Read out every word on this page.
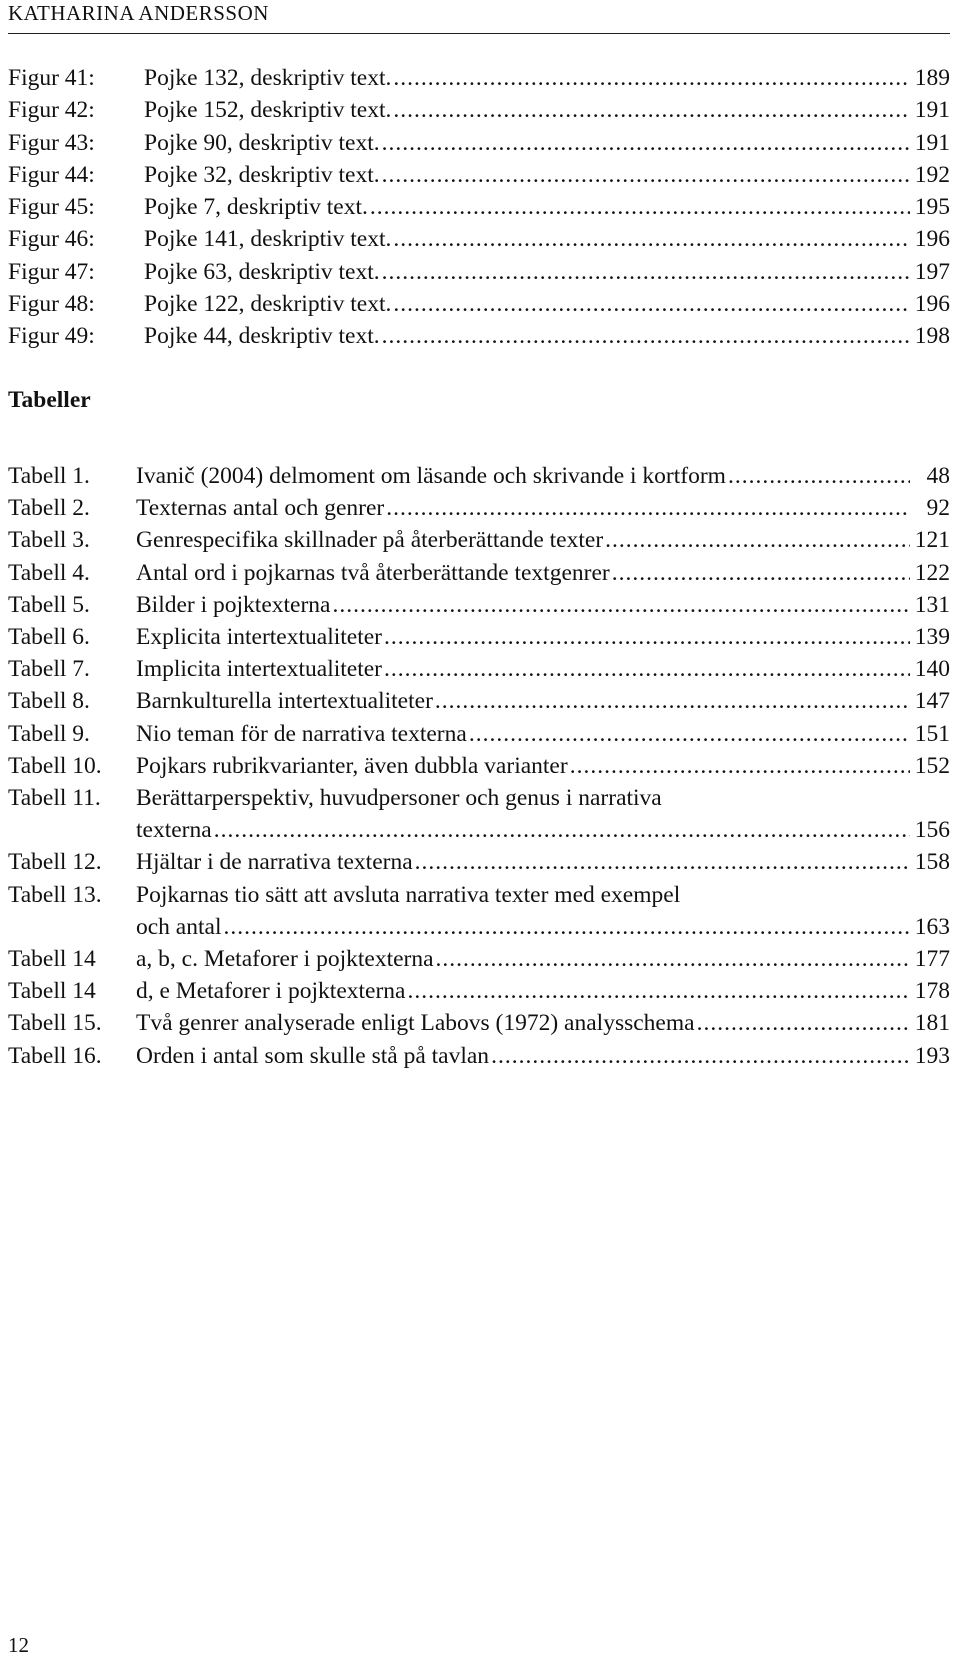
KATHARINA ANDERSSON
Figur 41:	Pojke 132, deskriptiv text. .....	189
Figur 42:	Pojke 152, deskriptiv text. .....	191
Figur 43:	Pojke 90, deskriptiv text. .....	191
Figur 44:	Pojke 32, deskriptiv text. .....	192
Figur 45:	Pojke 7, deskriptiv text. .....	195
Figur 46:	Pojke 141, deskriptiv text. .....	196
Figur 47:	Pojke 63, deskriptiv text. .....	197
Figur 48:	Pojke 122, deskriptiv text. .....	196
Figur 49:	Pojke 44, deskriptiv text. .....	198
Tabeller
Tabell 1.	Ivanič (2004) delmoment om läsande och skrivande i kortform .....	48
Tabell 2.	Texternas antal och genrer .....	92
Tabell 3.	Genrespecifika skillnader på återberättande texter .....	121
Tabell 4.	Antal ord i pojkarnas två återberättande textgenrer .....	122
Tabell 5.	Bilder i pojktexterna .....	131
Tabell 6.	Explicita intertextualiteter .....	139
Tabell 7.	Implicita intertextualiteter .....	140
Tabell 8.	Barnkulturella intertextualiteter .....	147
Tabell 9.	Nio teman för de narrativa texterna .....	151
Tabell 10.	Pojkars rubrikvarianter, även dubbla varianter .....	152
Tabell 11.	Berättarperspektiv, huvudpersoner och genus i narrativa
texterna .....	156
Tabell 12.	Hjältar i de narrativa texterna .....	158
Tabell 13.	Pojkarnas tio sätt att avsluta narrativa texter med exempel
och antal .....	163
Tabell 14	a, b, c. Metaforer i pojktexterna .....	177
Tabell 14	d, e Metaforer i pojktexterna .....	178
Tabell 15.	Två genrer analyserade enligt Labovs (1972) analysschema .....	181
Tabell 16.	Orden i antal som skulle stå på tavlan .....	193
12
